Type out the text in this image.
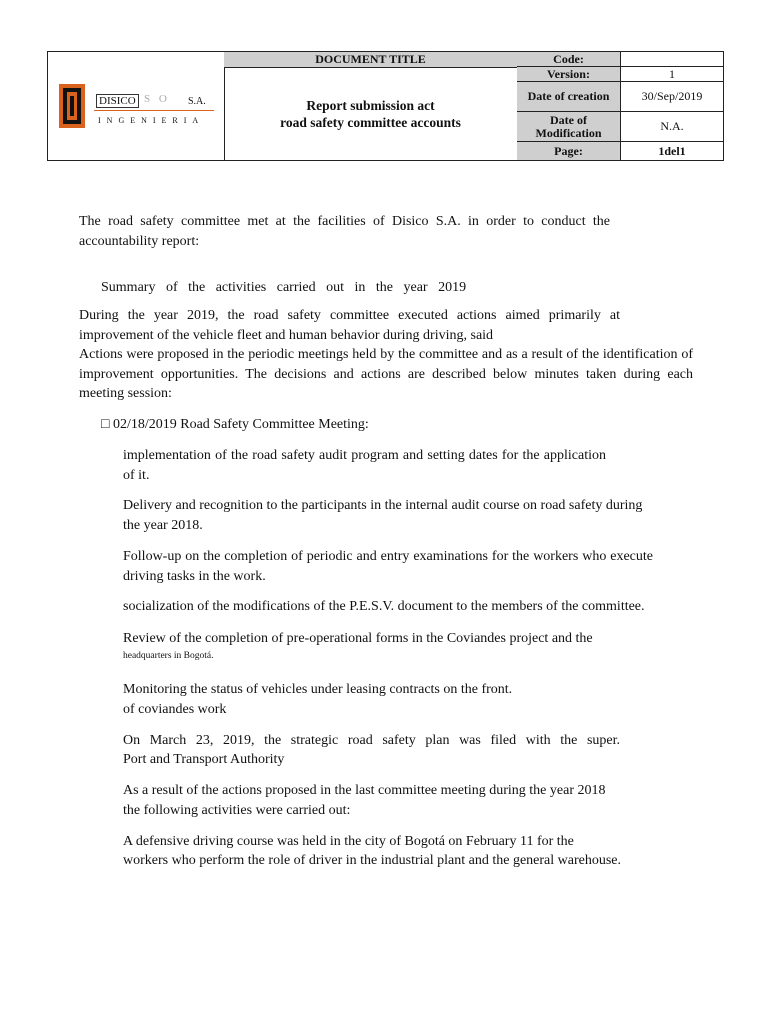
DISICO S O S.A.
INGENIERIA
DOCUMENT TITLE
Report submission act
road safety committee accounts
Code:
Version:	1
Date of creation	30/Sep/2019
Date of Modification	N.A.
Page:	1del1

The road safety committee met at the facilities of Disico S.A. in order to conduct the accountability report:

Summary of the activities carried out in the year 2019

During the year 2019, the road safety committee executed actions aimed primarily at improvement of the vehicle fleet and human behavior during driving, said

Actions were proposed in the periodic meetings held by the committee and as a result of the identification of improvement opportunities. The decisions and actions are described below minutes taken during each meeting session:

□ 02/18/2019 Road Safety Committee Meeting:

implementation of the road safety audit program and setting dates for the application of it.

Delivery and recognition to the participants in the internal audit course on road safety during the year 2018.

Follow-up on the completion of periodic and entry examinations for the workers who execute driving tasks in the work.

socialization of the modifications of the P.E.S.V. document to the members of the committee.

Review of the completion of pre-operational forms in the Coviandes project and the

headquarters in Bogotá.

Monitoring the status of vehicles under leasing contracts on the front.

of coviandes work

On March 23, 2019, the strategic road safety plan was filed with the super.

Port and Transport Authority

As a result of the actions proposed in the last committee meeting during the year 2018

the following activities were carried out:

A defensive driving course was held in the city of Bogotá on February 11 for the

workers who perform the role of driver in the industrial plant and the general warehouse.
